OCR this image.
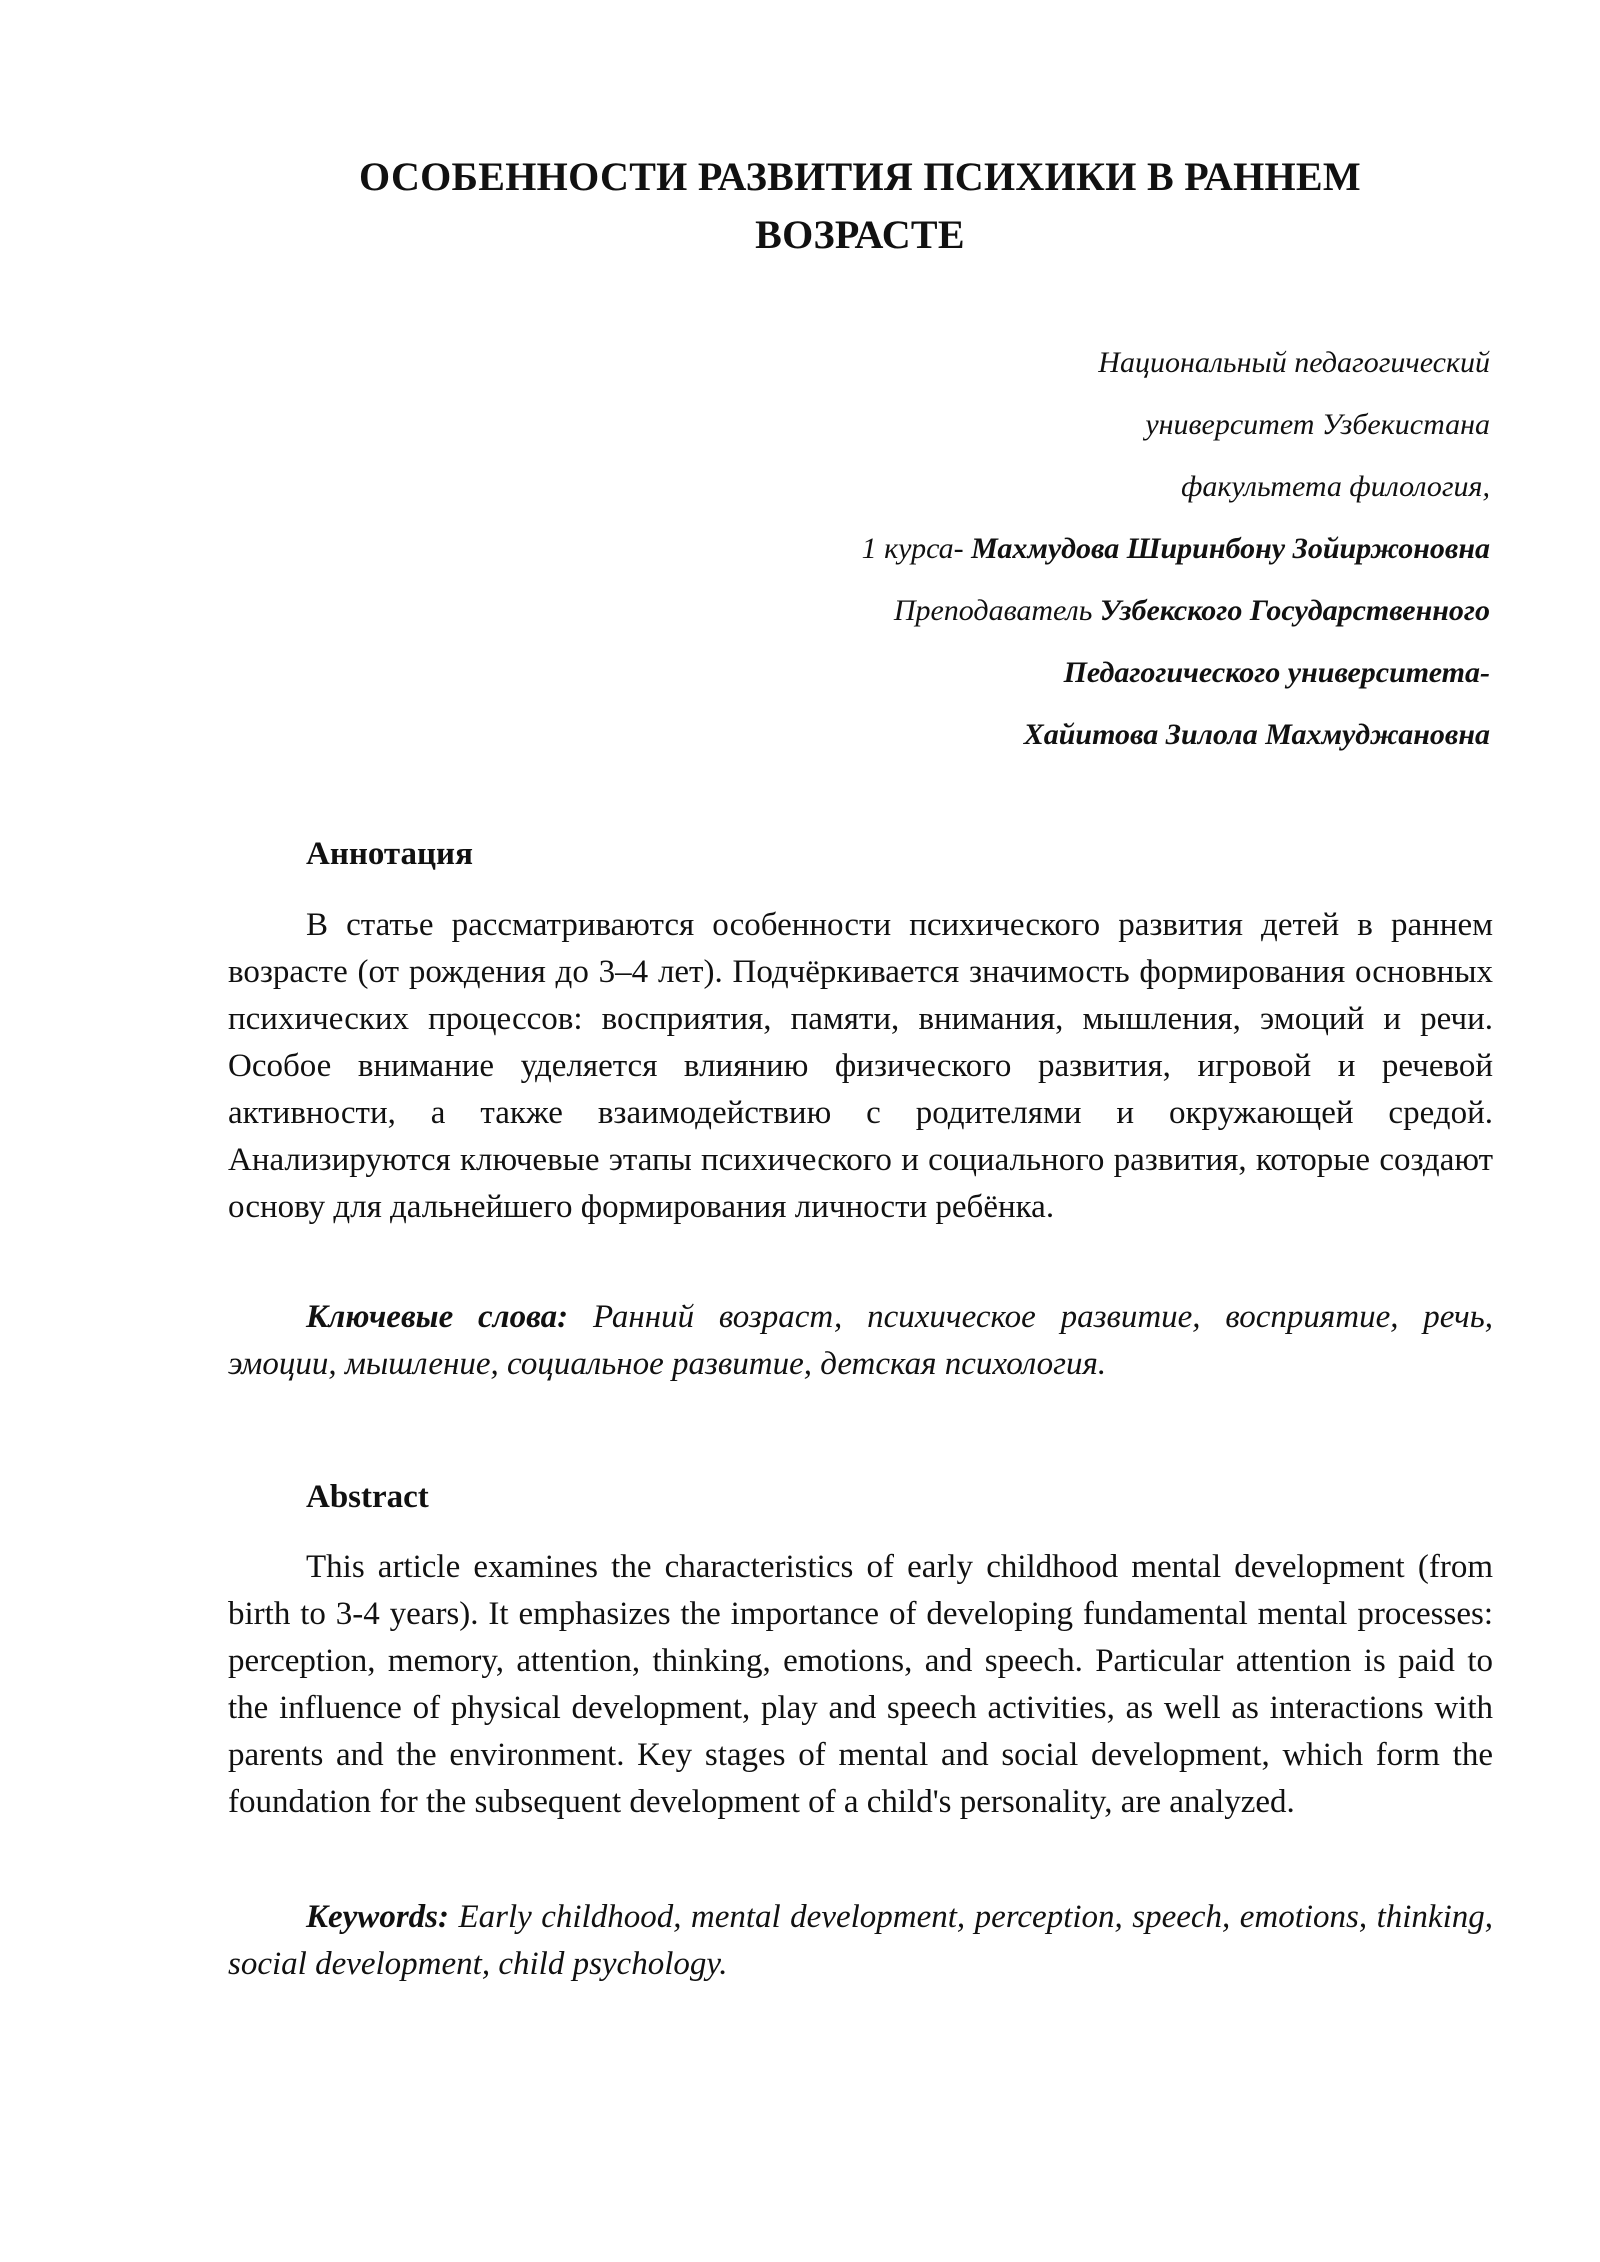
ОСОБЕННОСТИ РАЗВИТИЯ ПСИХИКИ В РАННЕМ
ВОЗРАСТЕ
Национальный педагогический
университет Узбекистана
факультета филология,
1 курса- Махмудова Ширинбону Зойиржоновна
Преподаватель Узбекского Государственного
Педагогического университета-
Хайитова Зилола Махмуджановна
Аннотация

В статье рассматриваются особенности психического развития детей в раннем возрасте (от рождения до 3–4 лет). Подчёркивается значимость формирования основных психических процессов: восприятия, памяти, внимания, мышления, эмоций и речи. Особое внимание уделяется влиянию физического развития, игровой и речевой активности, а также взаимодействию с родителями и окружающей средой. Анализируются ключевые этапы психического и социального развития, которые создают основу для дальнейшего формирования личности ребёнка.

Ключевые слова: Ранний возраст, психическое развитие, восприятие, речь, эмоции, мышление, социальное развитие, детская психология.

Abstract

This article examines the characteristics of early childhood mental development (from birth to 3-4 years). It emphasizes the importance of developing fundamental mental processes: perception, memory, attention, thinking, emotions, and speech. Particular attention is paid to the influence of physical development, play and speech activities, as well as interactions with parents and the environment. Key stages of mental and social development, which form the foundation for the subsequent development of a child's personality, are analyzed.

Keywords: Early childhood, mental development, perception, speech, emotions, thinking, social development, child psychology.
